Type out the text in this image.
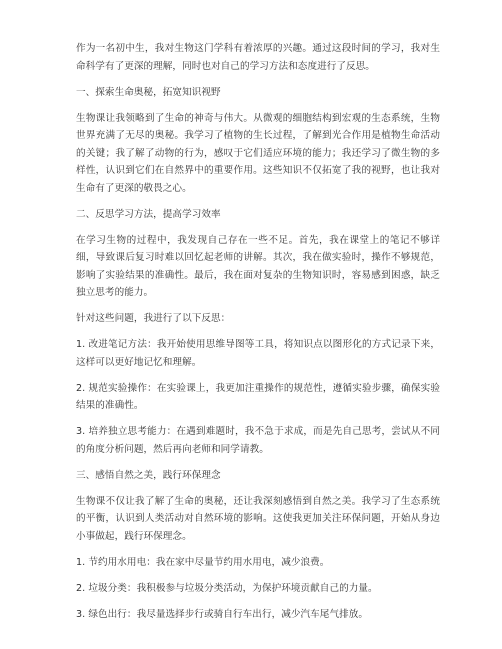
作为一名初中生，我对生物这门学科有着浓厚的兴趣。通过这段时间的学习，我对生命科学有了更深的理解，同时也对自己的学习方法和态度进行了反思。

一、探索生命奥秘，拓宽知识视野

生物课让我领略到了生命的神奇与伟大。从微观的细胞结构到宏观的生态系统，生物世界充满了无尽的奥秘。我学习了植物的生长过程，了解到光合作用是植物生命活动的关键；我了解了动物的行为，感叹于它们适应环境的能力；我还学习了微生物的多样性，认识到它们在自然界中的重要作用。这些知识不仅拓宽了我的视野，也让我对生命有了更深的敬畏之心。

二、反思学习方法，提高学习效率

在学习生物的过程中，我发现自己存在一些不足。首先，我在课堂上的笔记不够详细，导致课后复习时难以回忆起老师的讲解。其次，我在做实验时，操作不够规范，影响了实验结果的准确性。最后，我在面对复杂的生物知识时，容易感到困惑，缺乏独立思考的能力。

针对这些问题，我进行了以下反思：

1. 改进笔记方法：我开始使用思维导图等工具，将知识点以图形化的方式记录下来，这样可以更好地记忆和理解。

2. 规范实验操作：在实验课上，我更加注重操作的规范性，遵循实验步骤，确保实验结果的准确性。

3. 培养独立思考能力：在遇到难题时，我不急于求成，而是先自己思考，尝试从不同的角度分析问题，然后再向老师和同学请教。

三、感悟自然之美，践行环保理念

生物课不仅让我了解了生命的奥秘，还让我深刻感悟到自然之美。我学习了生态系统的平衡，认识到人类活动对自然环境的影响。这使我更加关注环保问题，开始从身边小事做起，践行环保理念。

1. 节约用水用电：我在家中尽量节约用水用电，减少浪费。

2. 垃圾分类：我积极参与垃圾分类活动，为保护环境贡献自己的力量。

3. 绿色出行：我尽量选择步行或骑自行车出行，减少汽车尾气排放。
